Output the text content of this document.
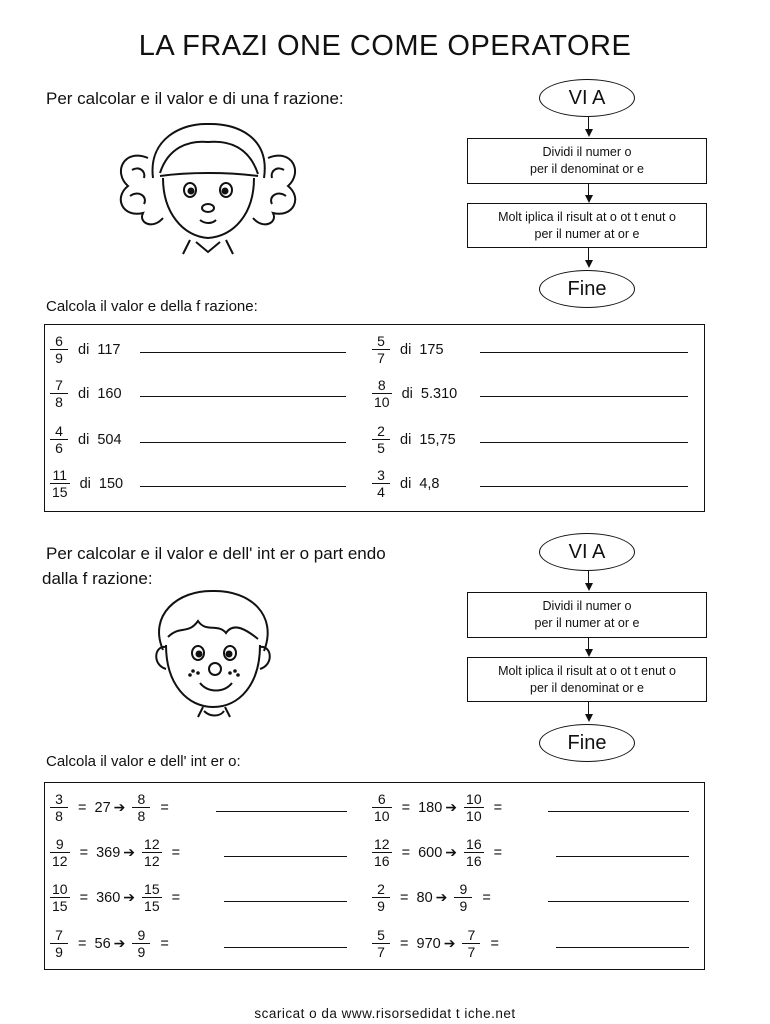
LA FRAZI ONE COME OPERATORE
Per calcolar e il valor e di una f razione:	VI A
Dividi il numer o
per il denominat or e
Molt iplica il risult at o ot t enut o
per il numer at or e
Fine
Calcola il valor e della f razione:
$\frac{6}{9}$ di  117
$\frac{7}{8}$ di  160
$\frac{4}{6}$ di  504
$\frac{11}{15}$ di  150
$\frac{5}{7}$ di  175
$\frac{8}{10}$ di  5.310
$\frac{2}{5}$ di  15,75
$\frac{3}{4}$ di  4,8
Per calcolar e il valor e dell' int er o part endo
dalla f razione:
VI A
Dividi il numer o
per il numer at or e
Molt iplica il risult at o ot t enut o
per il denominat or e
Fine
Calcola il valor e dell' int er o:
$\frac{3}{8} = 27$ ➔ $\frac{8}{8}$ =
$\frac{9}{12} = 369$ ➔ $\frac{12}{12}$ =
$\frac{10}{15} = 360$ ➔ $\frac{15}{15}$ =
$\frac{7}{9} = 56$ ➔ $\frac{9}{9}$ =
$\frac{6}{10} = 180$ ➔ $\frac{10}{10}$ =
$\frac{12}{16} = 600$ ➔ $\frac{16}{16}$ =
$\frac{2}{9} = 80$ ➔ $\frac{9}{9}$ =
$\frac{5}{7} = 970$ ➔ $\frac{7}{7}$ =
scaricat o da www.risorsedidat t iche.net
